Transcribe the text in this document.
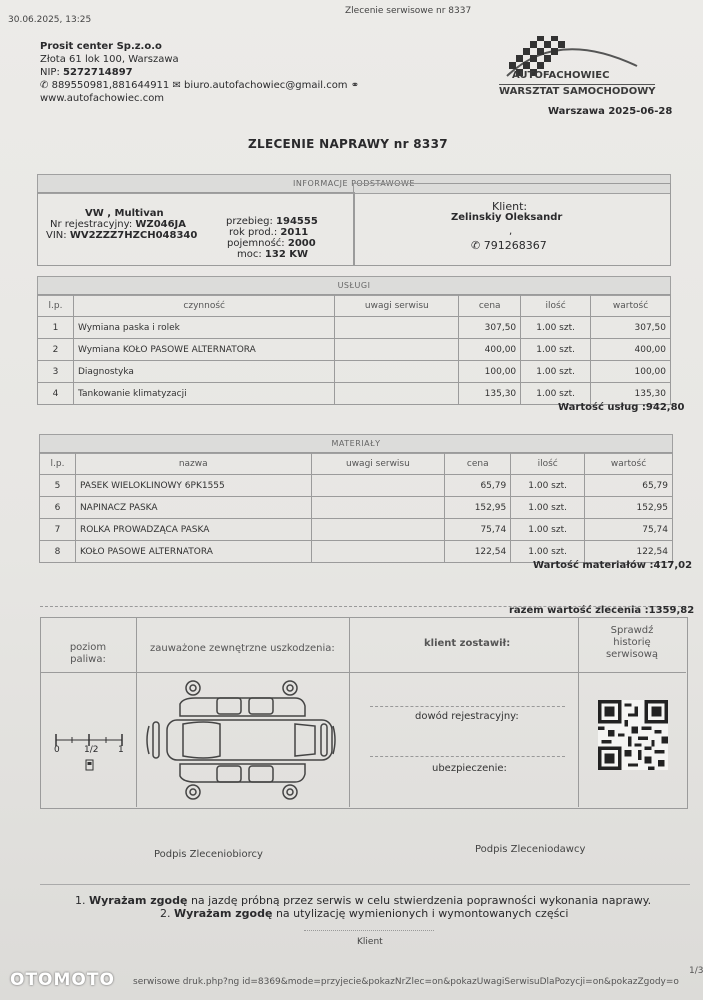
30.06.2025, 13:25
Zlecenie serwisowe nr 8337
Prosit center Sp.z.o.o
Złota 61 lok 100, Warszawa
NIP: 5272714897
✆ 889550981,881644911 ✉ biuro.autofachowiec@gmail.com ⚭
www.autofachowiec.com
AUTOFACHOWIEC
WARSZTAT SAMOCHODOWY
Warszawa 2025-06-28
ZLECENIE NAPRAWY nr 8337
INFORMACJE PODSTAWOWE
VW , Multivan
Nr rejestracyjny: WZ046JA
VIN: WV2ZZZ7HZCH048340
przebieg: 194555
rok prod.: 2011
pojemność: 2000
moc: 132 KW
Klient:
Zelinskiy Oleksandr
,
✆ 791268367
USŁUGI
l.p.	czynność	uwagi serwisu	cena	ilość	wartość
1	Wymiana paska i rolek		307,50	1.00 szt.	307,50
2	Wymiana KOŁO PASOWE ALTERNATORA		400,00	1.00 szt.	400,00
3	Diagnostyka		100,00	1.00 szt.	100,00
4	Tankowanie klimatyzacji		135,30	1.00 szt.	135,30
Wartość usług :942,80
MATERIAŁY
l.p.	nazwa	uwagi serwisu	cena	ilość	wartość
5	PASEK WIELOKLINOWY 6PK1555		65,79	1.00 szt.	65,79
6	NAPINACZ PASKA		152,95	1.00 szt.	152,95
7	ROLKA PROWADZĄCA PASKA		75,74	1.00 szt.	75,74
8	KOŁO PASOWE ALTERNATORA		122,54	1.00 szt.	122,54
Wartość materiałów :417,02
razem wartość zlecenia :1359,82
poziom
paliwa:
zauważone zewnętrzne uszkodzenia:	klient zostawił:
Sprawdź
historię
serwisową
0	1/2 1
dowód rejestracyjny:
ubezpieczenie:
Podpis Zleceniobiorcy	Podpis Zleceniodawcy
1. Wyrażam zgodę na jazdę próbną przez serwis w celu stwierdzenia poprawności wykonania naprawy.
2. Wyrażam zgodę na utylizację wymienionych i wymontowanych części
Klient
serwisowe druk.php?ng id=8369&mode=przyjecie&pokazNrZlec=on&pokazUwagiSerwisuDlaPozycji=on&pokazZgody=o
1/3
OTOMOTO
